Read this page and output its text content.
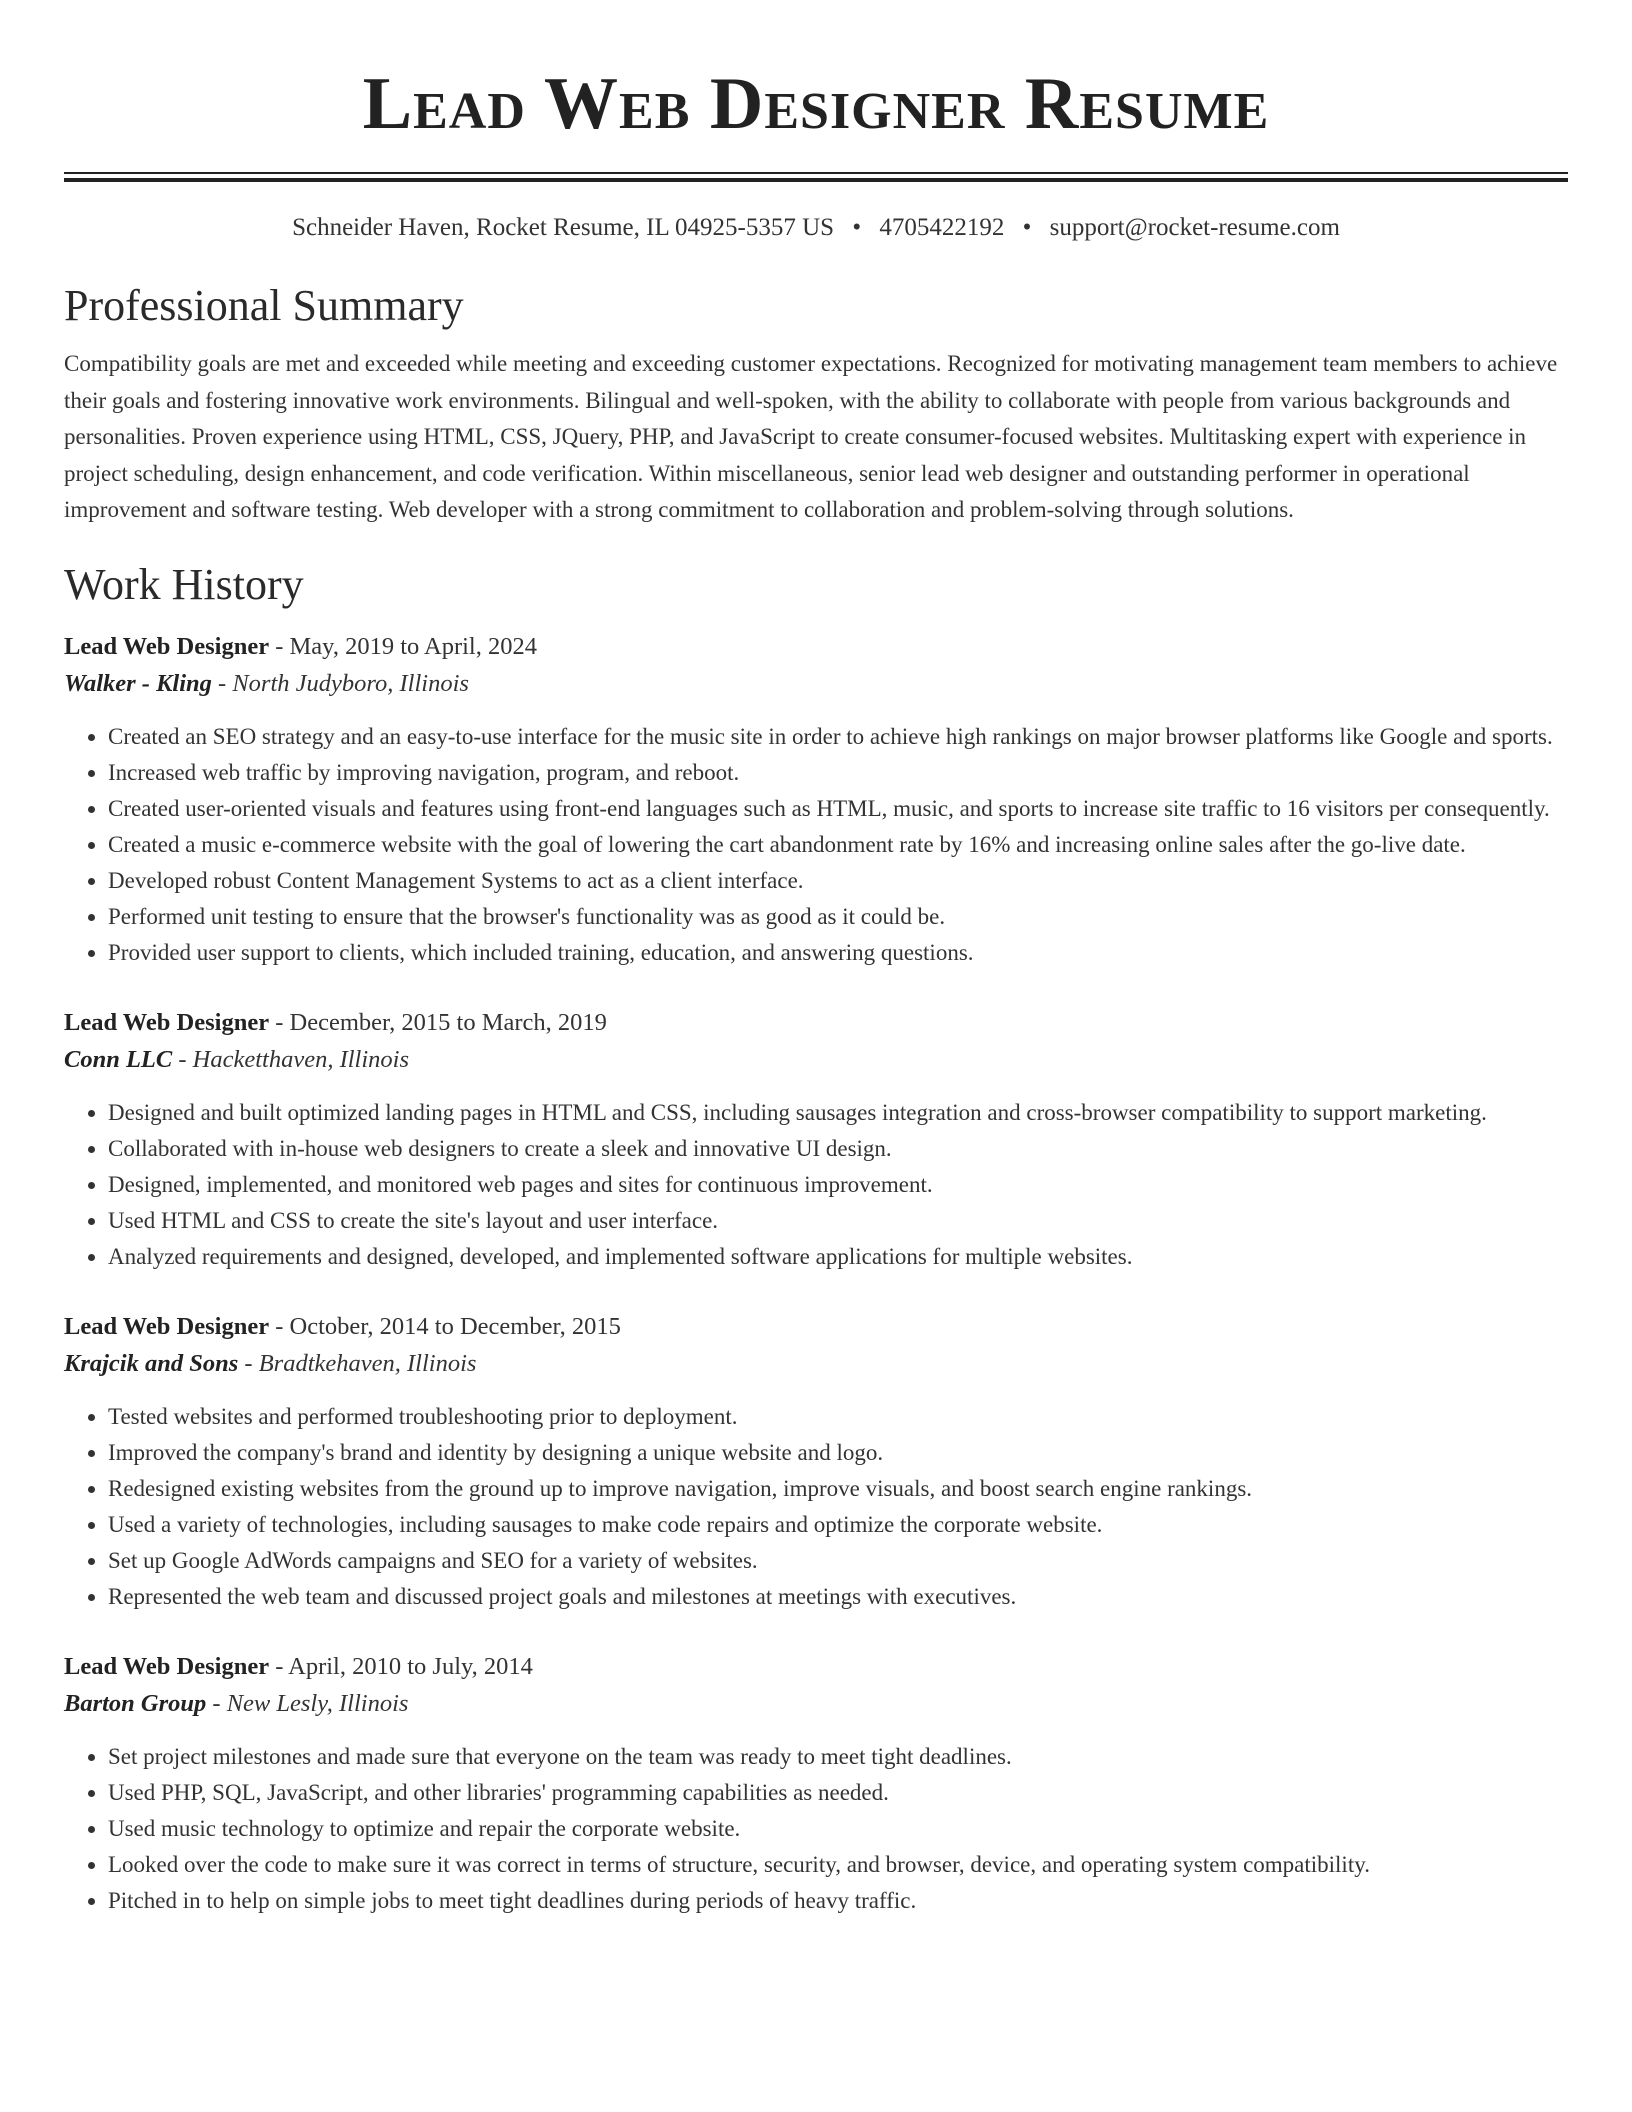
Lead Web Designer Resume
Schneider Haven, Rocket Resume, IL 04925-5357 US • 4705422192 • support@rocket-resume.com
Professional Summary

Compatibility goals are met and exceeded while meeting and exceeding customer expectations. Recognized for motivating management team members to achieve their goals and fostering innovative work environments. Bilingual and well-spoken, with the ability to collaborate with people from various backgrounds and personalities. Proven experience using HTML, CSS, JQuery, PHP, and JavaScript to create consumer-focused websites. Multitasking expert with experience in project scheduling, design enhancement, and code verification. Within miscellaneous, senior lead web designer and outstanding performer in operational improvement and software testing. Web developer with a strong commitment to collaboration and problem-solving through solutions.

Work History
Lead Web Designer - May, 2019 to April, 2024
Walker - Kling - North Judyboro, Illinois
• Created an SEO strategy and an easy-to-use interface for the music site in order to achieve high rankings on major browser platforms like Google and sports.
• Increased web traffic by improving navigation, program, and reboot.
• Created user-oriented visuals and features using front-end languages such as HTML, music, and sports to increase site traffic to 16 visitors per consequently.
• Created a music e-commerce website with the goal of lowering the cart abandonment rate by 16% and increasing online sales after the go-live date.
• Developed robust Content Management Systems to act as a client interface.
• Performed unit testing to ensure that the browser's functionality was as good as it could be.
• Provided user support to clients, which included training, education, and answering questions.
Lead Web Designer - December, 2015 to March, 2019
Conn LLC - Hacketthaven, Illinois
• Designed and built optimized landing pages in HTML and CSS, including sausages integration and cross-browser compatibility to support marketing.
• Collaborated with in-house web designers to create a sleek and innovative UI design.
• Designed, implemented, and monitored web pages and sites for continuous improvement.
• Used HTML and CSS to create the site's layout and user interface.
• Analyzed requirements and designed, developed, and implemented software applications for multiple websites.
Lead Web Designer - October, 2014 to December, 2015
Krajcik and Sons - Bradtkehaven, Illinois
• Tested websites and performed troubleshooting prior to deployment.
• Improved the company's brand and identity by designing a unique website and logo.
• Redesigned existing websites from the ground up to improve navigation, improve visuals, and boost search engine rankings.
• Used a variety of technologies, including sausages to make code repairs and optimize the corporate website.
• Set up Google AdWords campaigns and SEO for a variety of websites.
• Represented the web team and discussed project goals and milestones at meetings with executives.
Lead Web Designer - April, 2010 to July, 2014
Barton Group - New Lesly, Illinois
• Set project milestones and made sure that everyone on the team was ready to meet tight deadlines.
• Used PHP, SQL, JavaScript, and other libraries' programming capabilities as needed.
• Used music technology to optimize and repair the corporate website.
• Looked over the code to make sure it was correct in terms of structure, security, and browser, device, and operating system compatibility.
• Pitched in to help on simple jobs to meet tight deadlines during periods of heavy traffic.
